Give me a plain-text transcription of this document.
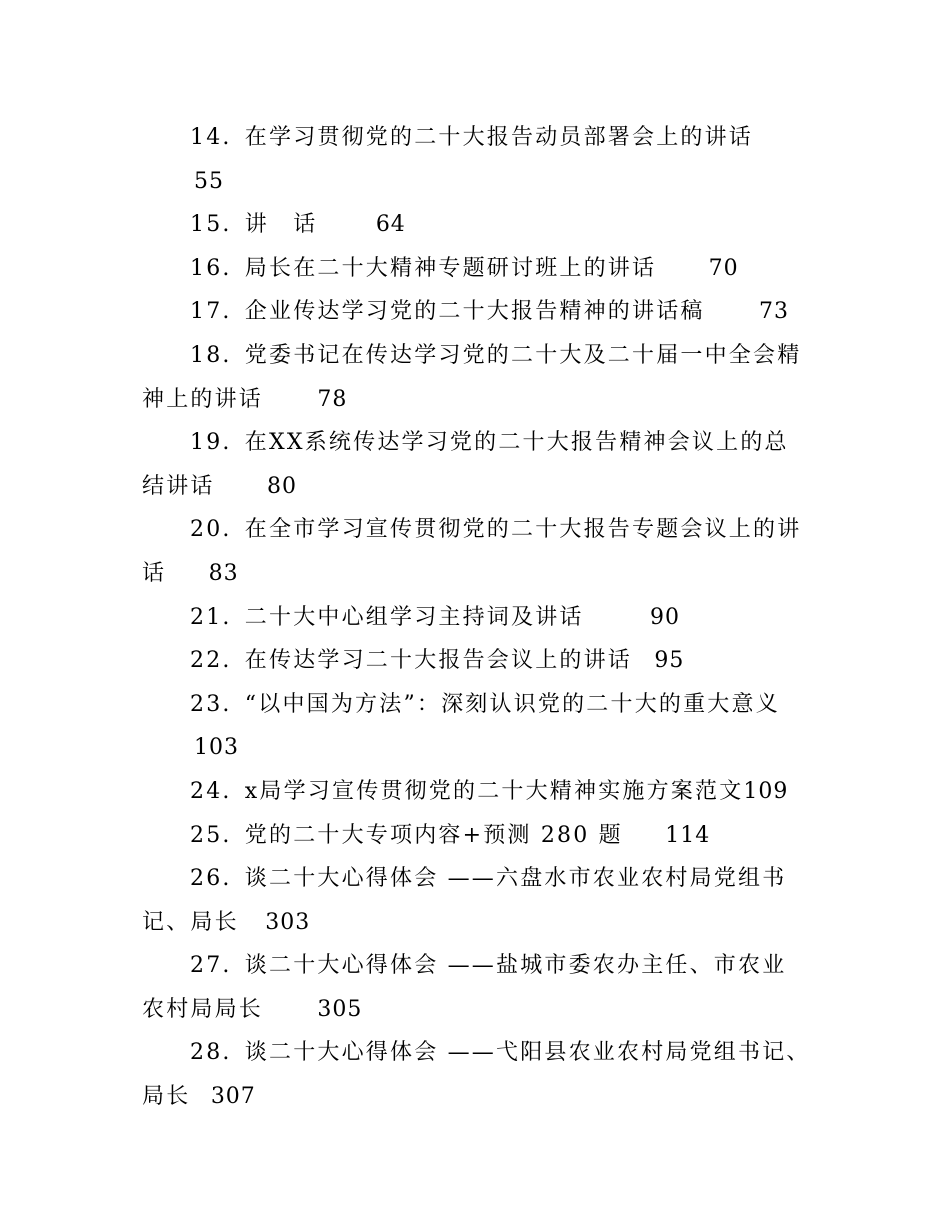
14. 在学习贯彻党的二十大报告动员部署会上的讲话
55
15. 讲　话	64
16. 局长在二十大精神专题研讨班上的讲话 70
17. 企业传达学习党的二十大报告精神的讲话稿 73
18. 党委书记在传达学习党的二十大及二十届一中全会精
神上的讲话 78
19. 在XX系统传达学习党的二十大报告精神会议上的总
结讲话 80
20. 在全市学习宣传贯彻党的二十大报告专题会议上的讲
话 83
21. 二十大中心组学习主持词及讲话	90
22. 在传达学习二十大报告会议上的讲话 95
23. “以中国为方法”：深刻认识党的二十大的重大意义
103
24. x局学习宣传贯彻党的二十大精神实施方案范文109
25. 党的二十大专项内容+预测 280 题 114
26. 谈二十大心得体会 ——六盘水市农业农村局党组书
记、局长 303
27. 谈二十大心得体会 ——盐城市委农办主任、市农业
农村局局长 305
28. 谈二十大心得体会 ——弋阳县农业农村局党组书记、
局长 307
